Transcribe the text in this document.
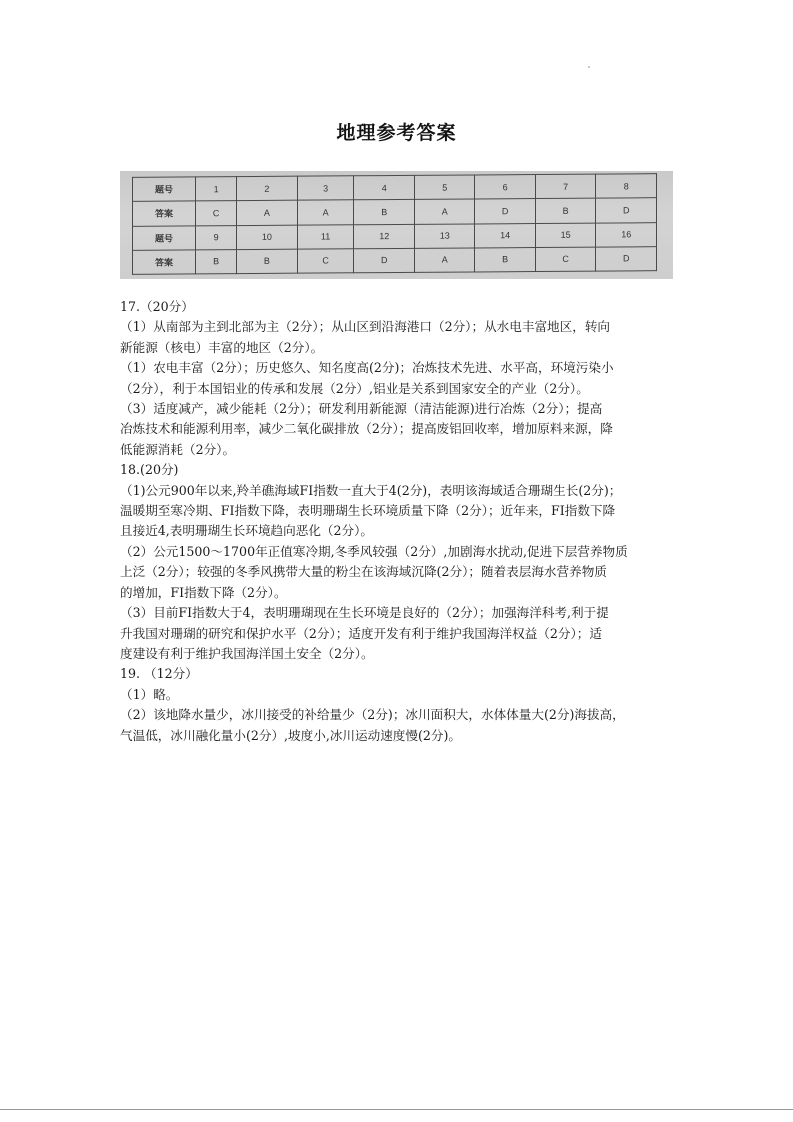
地理参考答案
题号	1	2	3	4	5	6	7	8
答案	C	A	A	B	A	D	B	D
题号	9	10	11	12	13	14	15	16
答案	B	B	C	D	A	B	C	D

17.（20分）

（1）从南部为主到北部为主（2分）；从山区到沿海港口（2分）；从水电丰富地区，转向

新能源（核电）丰富的地区（2分）。

（1）农电丰富（2分）；历史悠久、知名度高(2分)；冶炼技术先进、水平高，环境污染小

（2分），利于本国铝业的传承和发展（2分）,铝业是关系到国家安全的产业（2分）。

（3）适度减产，减少能耗（2分）；研发利用新能源（清洁能源)进行冶炼（2分）；提高

冶炼技术和能源利用率，减少二氧化碳排放（2分）；提高废铝回收率，增加原料来源，降

低能源消耗（2分）。

18.(20分)

（1)公元900年以来,羚羊礁海域FI指数一直大于4(2分)，表明该海域适合珊瑚生长(2分)；

温暖期至寒冷期、FI指数下降，表明珊瑚生长环境质量下降（2分）；近年来，FI指数下降

且接近4,表明珊瑚生长环境趋向恶化（2分）。

（2）公元1500～1700年正值寒冷期,冬季风较强（2分）,加剧海水扰动,促进下层营养物质

上泛（2分）；较强的冬季风携带大量的粉尘在该海域沉降(2分）；随着表层海水营养物质

的增加，FI指数下降（2分）。

（3）目前FI指数大于4，表明珊瑚现在生长环境是良好的（2分）；加强海洋科考,利于提

升我国对珊瑚的研究和保护水平（2分）；适度开发有利于维护我国海洋权益（2分）；适

度建设有利于维护我国海洋国土安全（2分）。

19. （12分）

（1）略。

（2）该地降水量少，冰川接受的补给量少（2分)；冰川面积大，水体体量大(2分)海拔高，

气温低，冰川融化量小(2分）,坡度小,冰川运动速度慢(2分)。
